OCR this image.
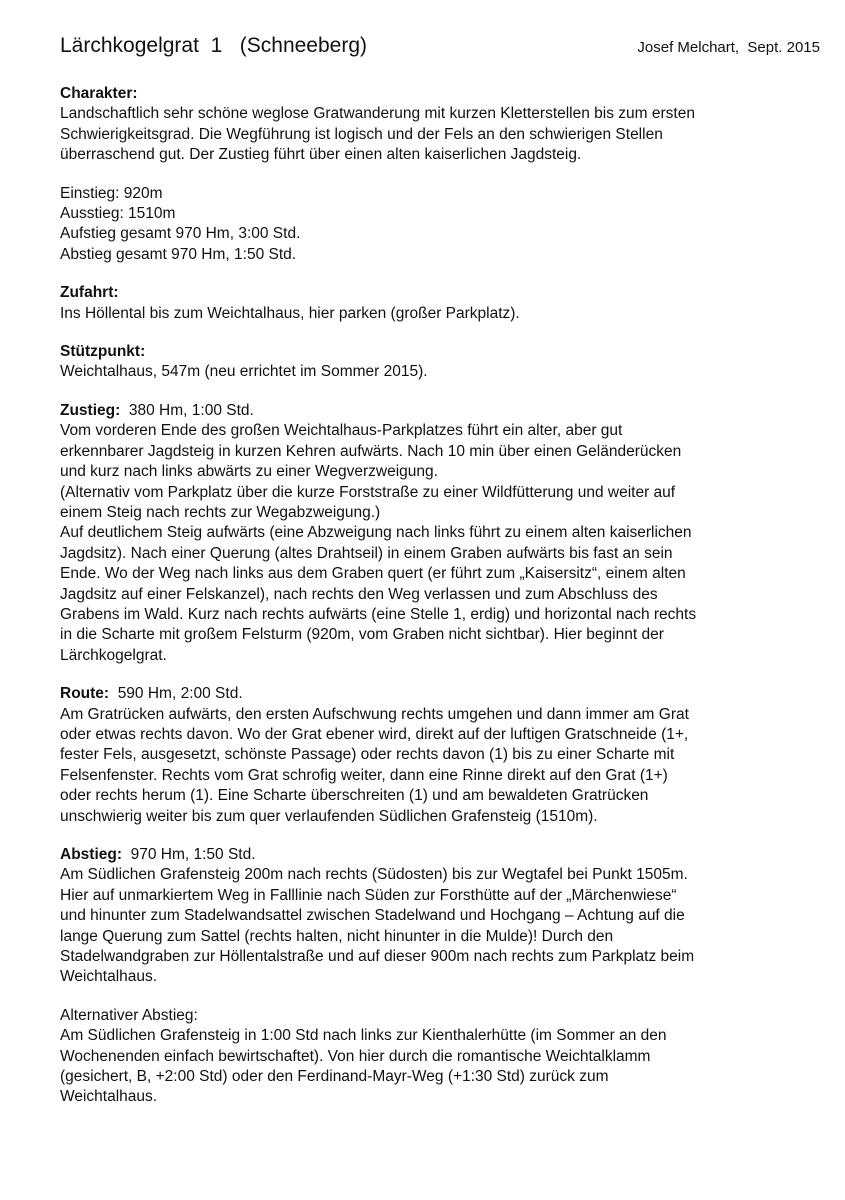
Lärchkogelgrat  1   (Schneeberg)	Josef Melchart,  Sept. 2015
Charakter:
Landschaftlich sehr schöne weglose Gratwanderung mit kurzen Kletterstellen bis zum ersten
Schwierigkeitsgrad. Die Wegführung ist logisch und der Fels an den schwierigen Stellen
überraschend gut. Der Zustieg führt über einen alten kaiserlichen Jagdsteig.
Einstieg: 920m
Ausstieg: 1510m
Aufstieg gesamt 970 Hm, 3:00 Std.
Abstieg gesamt 970 Hm, 1:50 Std.
Zufahrt:
Ins Höllental bis zum Weichtalhaus, hier parken (großer Parkplatz).
Stützpunkt:
Weichtalhaus, 547m (neu errichtet im Sommer 2015).
Zustieg:  380 Hm, 1:00 Std.
Vom vorderen Ende des großen Weichtalhaus-Parkplatzes führt ein alter, aber gut
erkennbarer Jagdsteig in kurzen Kehren aufwärts. Nach 10 min über einen Geländerücken
und kurz nach links abwärts zu einer Wegverzweigung.
(Alternativ vom Parkplatz über die kurze Forststraße zu einer Wildfütterung und weiter auf
einem Steig nach rechts zur Wegabzweigung.)
Auf deutlichem Steig aufwärts (eine Abzweigung nach links führt zu einem alten kaiserlichen
Jagdsitz). Nach einer Querung (altes Drahtseil) in einem Graben aufwärts bis fast an sein
Ende. Wo der Weg nach links aus dem Graben quert (er führt zum „Kaisersitz“, einem alten
Jagdsitz auf einer Felskanzel), nach rechts den Weg verlassen und zum Abschluss des
Grabens im Wald. Kurz nach rechts aufwärts (eine Stelle 1, erdig) und horizontal nach rechts
in die Scharte mit großem Felsturm (920m, vom Graben nicht sichtbar). Hier beginnt der
Lärchkogelgrat.
Route:  590 Hm, 2:00 Std.
Am Gratrücken aufwärts, den ersten Aufschwung rechts umgehen und dann immer am Grat
oder etwas rechts davon. Wo der Grat ebener wird, direkt auf der luftigen Gratschneide (1+,
fester Fels, ausgesetzt, schönste Passage) oder rechts davon (1) bis zu einer Scharte mit
Felsenfenster. Rechts vom Grat schrofig weiter, dann eine Rinne direkt auf den Grat (1+)
oder rechts herum (1). Eine Scharte überschreiten (1) und am bewaldeten Gratrücken
unschwierig weiter bis zum quer verlaufenden Südlichen Grafensteig (1510m).
Abstieg:  970 Hm, 1:50 Std.
Am Südlichen Grafensteig 200m nach rechts (Südosten) bis zur Wegtafel bei Punkt 1505m.
Hier auf unmarkiertem Weg in Falllinie nach Süden zur Forsthütte auf der „Märchenwiese“
und hinunter zum Stadelwandsattel zwischen Stadelwand und Hochgang – Achtung auf die
lange Querung zum Sattel (rechts halten, nicht hinunter in die Mulde)! Durch den
Stadelwandgraben zur Höllentalstraße und auf dieser 900m nach rechts zum Parkplatz beim
Weichtalhaus.
Alternativer Abstieg:
Am Südlichen Grafensteig in 1:00 Std nach links zur Kienthalerhütte (im Sommer an den
Wochenenden einfach bewirtschaftet). Von hier durch die romantische Weichtalklamm
(gesichert, B, +2:00 Std) oder den Ferdinand-Mayr-Weg (+1:30 Std) zurück zum
Weichtalhaus.
